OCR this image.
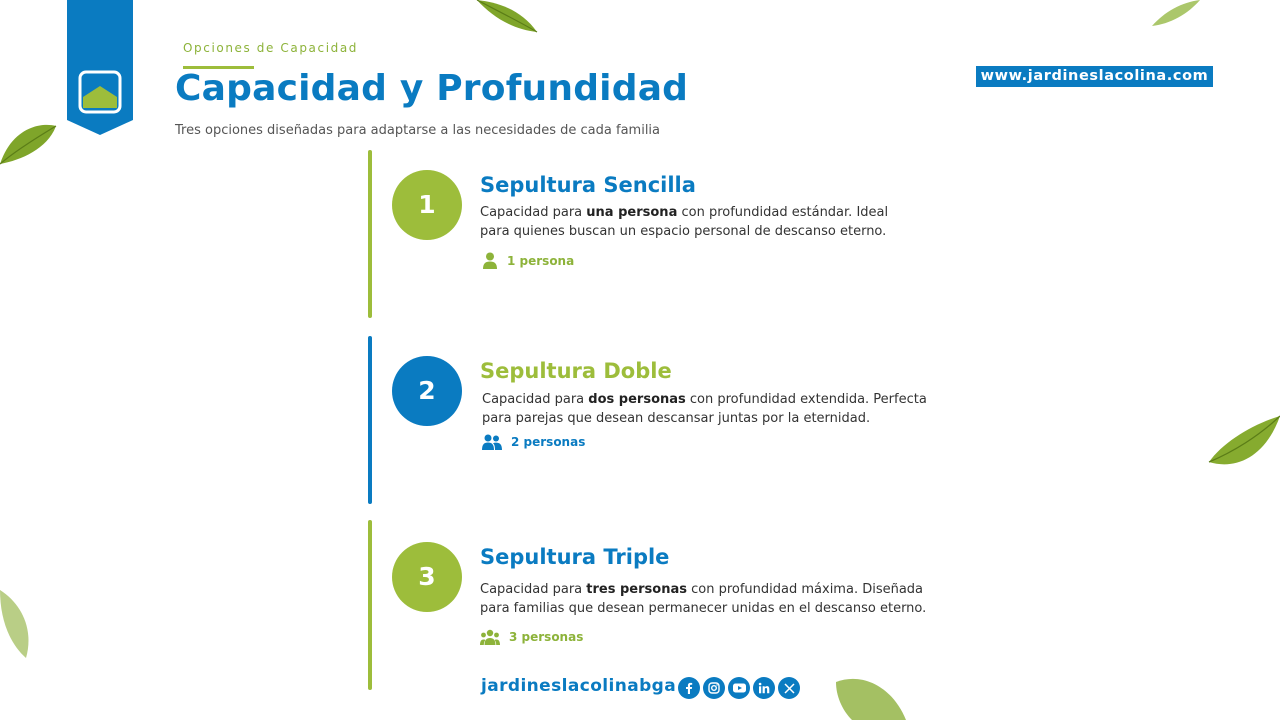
Opciones de Capacidad
Capacidad y Profundidad
Tres opciones diseñadas para adaptarse a las necesidades de cada familia
www.jardineslacolina.com
1
Sepultura Sencilla
Capacidad para una persona con profundidad estándar. Ideal para quienes buscan un espacio personal de descanso eterno.
1 persona
2
Sepultura Doble
Capacidad para dos personas con profundidad extendida. Perfecta para parejas que desean descansar juntas por la eternidad.
2 personas
3
Sepultura Triple
Capacidad para tres personas con profundidad máxima. Diseñada para familias que desean permanecer unidas en el descanso eterno.
3 personas
jardineslacolinabga
